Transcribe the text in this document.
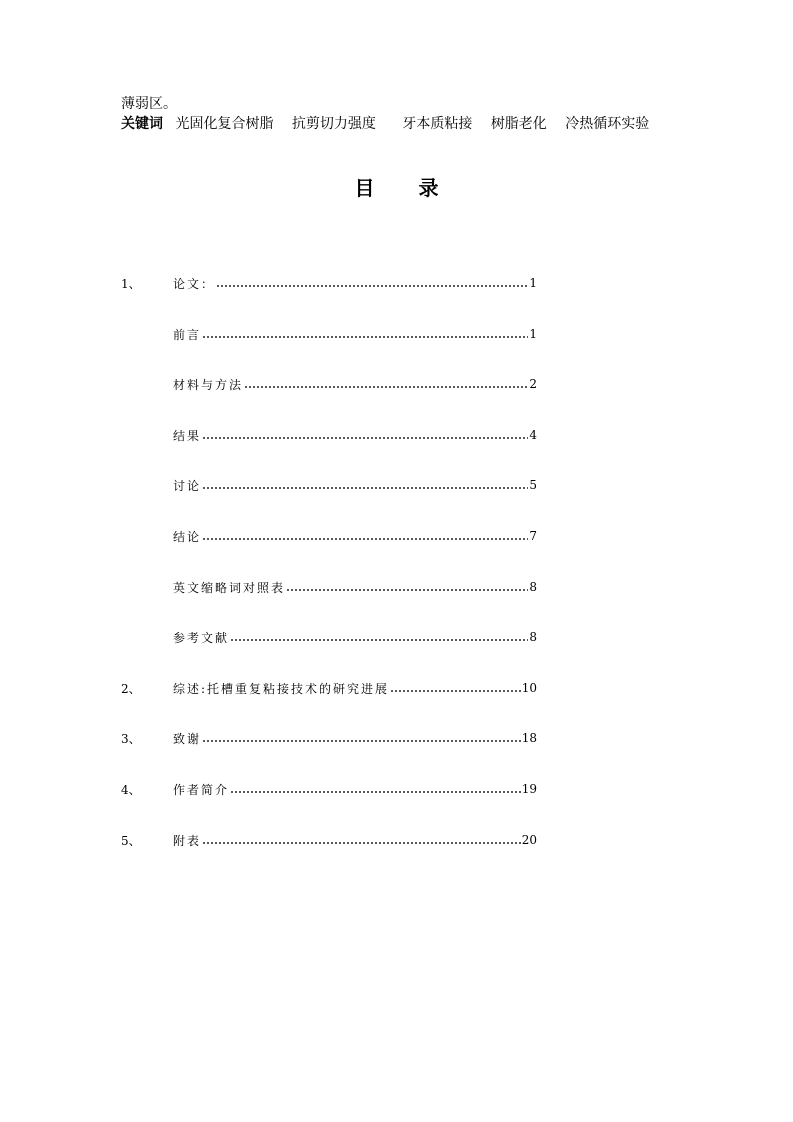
薄弱区。
关键词 光固化复合树脂 抗剪切力强度 牙本质粘接 树脂老化 冷热循环实验
目录
1、	论文：	1
前言	1
材料与方法	2
结果	4
讨论	5
结论	7
英文缩略词对照表	8
参考文献	8
2、	综述:托槽重复粘接技术的研究进展	10
3、	致谢	18
4、	作者简介	19
5、	附表	20
